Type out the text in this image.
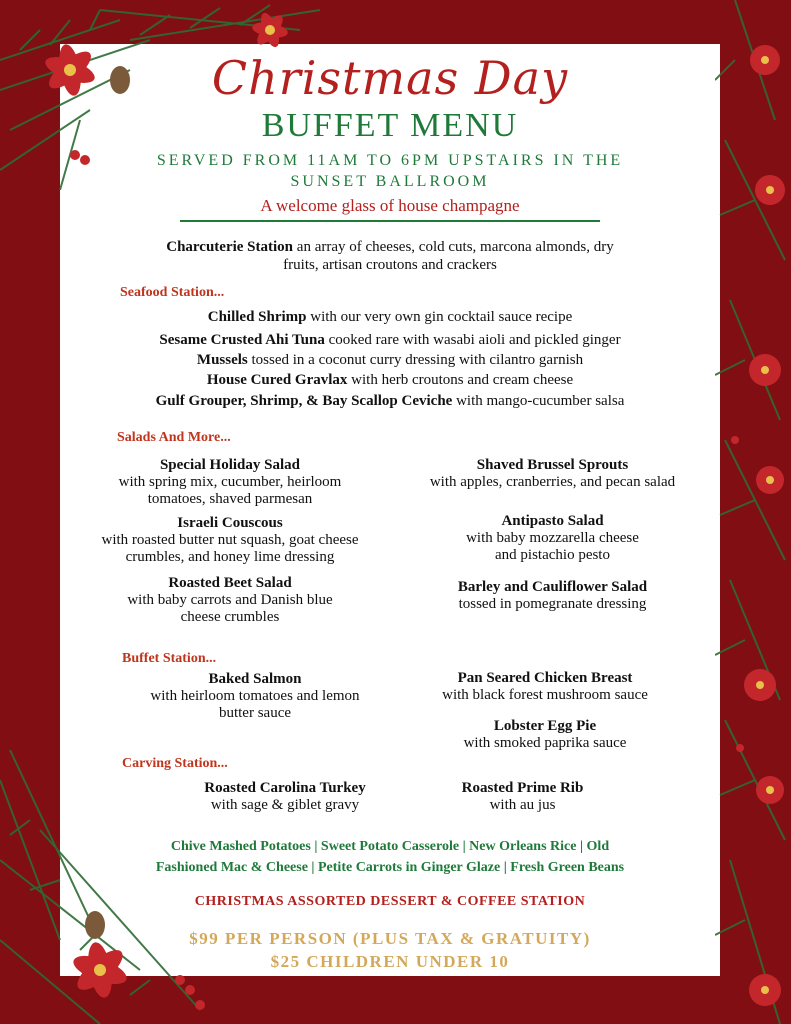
Christmas Day
BUFFET MENU
SERVED FROM 11AM TO 6PM UPSTAIRS IN THE
SUNSET BALLROOM
A welcome glass of house champagne
Charcuterie Station an array of cheeses, cold cuts, marcona almonds, dry
fruits, artisan croutons and crackers
Seafood Station...
Chilled Shrimp with our very own gin cocktail sauce recipe
Sesame Crusted Ahi Tuna cooked rare with wasabi aioli and pickled ginger
Mussels tossed in a coconut curry dressing with cilantro garnish
House Cured Gravlax with herb croutons and cream cheese
Gulf Grouper, Shrimp, & Bay Scallop Ceviche with mango-cucumber salsa
Salads And More...
Special Holiday Salad
with spring mix, cucumber, heirloom
tomatoes, shaved parmesan
Israeli Couscous
with roasted butter nut squash, goat cheese
crumbles, and honey lime dressing
Roasted Beet Salad
with baby carrots and Danish blue
cheese crumbles
Shaved Brussel Sprouts
with apples, cranberries, and pecan salad
Antipasto Salad
with baby mozzarella cheese
and pistachio pesto
Barley and Cauliflower Salad
tossed in pomegranate dressing
Buffet Station...
Baked Salmon
with heirloom tomatoes and lemon
butter sauce
Pan Seared Chicken Breast
with black forest mushroom sauce
Lobster Egg Pie
with smoked paprika sauce
Carving Station...
Roasted Carolina Turkey
with sage & giblet gravy
Roasted Prime Rib
with au jus
Chive Mashed Potatoes | Sweet Potato Casserole | New Orleans Rice | Old
Fashioned Mac & Cheese | Petite Carrots in Ginger Glaze | Fresh Green Beans
CHRISTMAS ASSORTED DESSERT & COFFEE STATION
$99 PER PERSON (PLUS TAX & GRATUITY)
$25 CHILDREN UNDER 10
